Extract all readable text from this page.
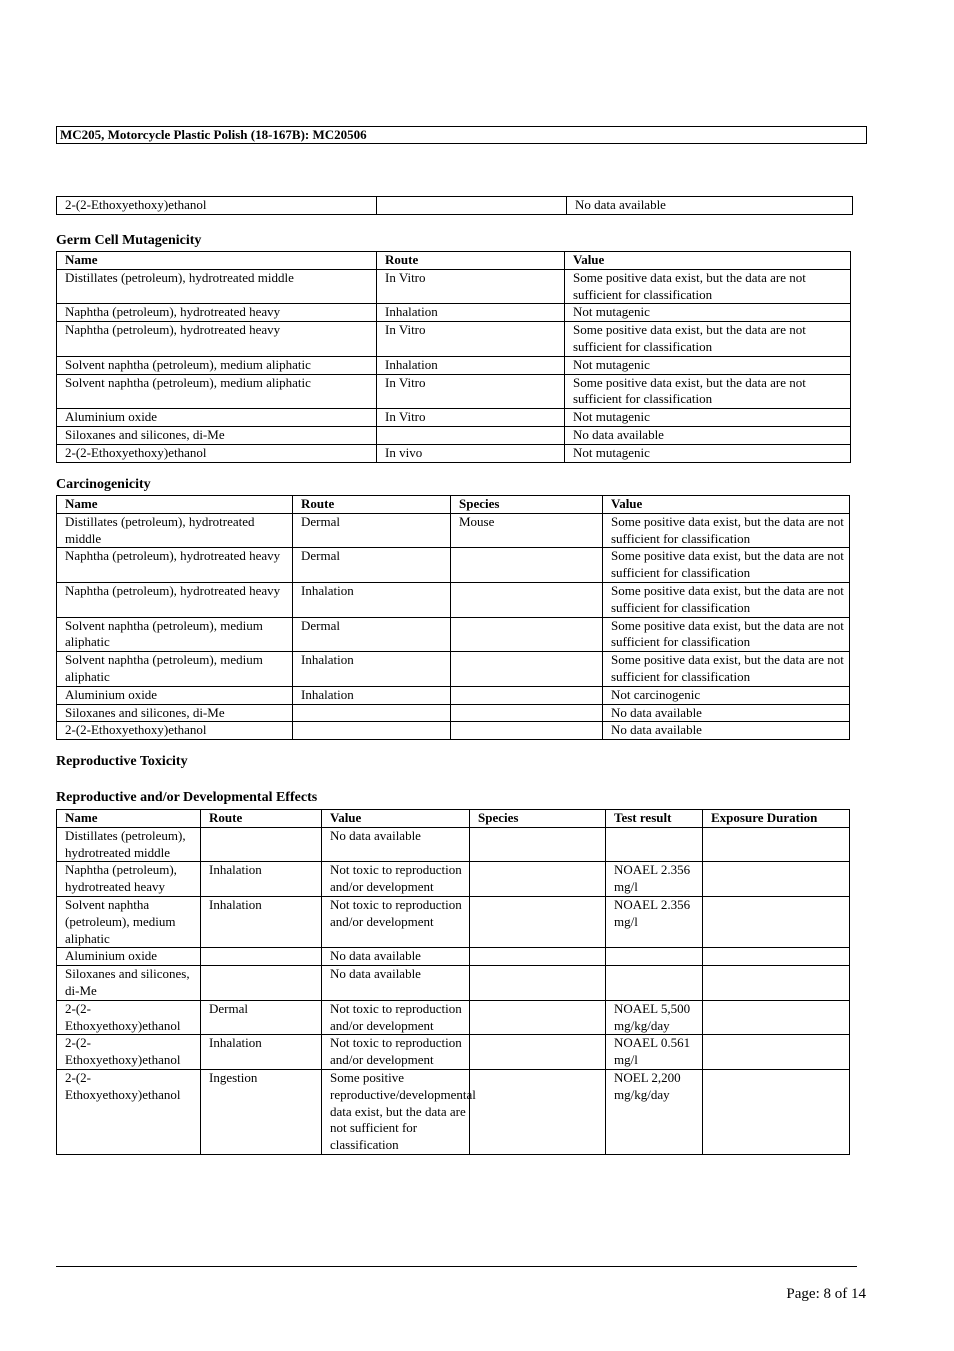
MC205, Motorcycle Plastic Polish (18-167B): MC20506
2-(2-Ethoxyethoxy)ethanol		No data available
Germ Cell Mutagenicity
Name	Route	Value
Distillates (petroleum), hydrotreated middle	In Vitro	Some positive data exist, but the data are not sufficient for classification
Naphtha (petroleum), hydrotreated heavy	Inhalation	Not mutagenic
Naphtha (petroleum), hydrotreated heavy	In Vitro	Some positive data exist, but the data are not sufficient for classification
Solvent naphtha (petroleum), medium aliphatic	Inhalation	Not mutagenic
Solvent naphtha (petroleum), medium aliphatic	In Vitro	Some positive data exist, but the data are not sufficient for classification
Aluminium oxide	In Vitro	Not mutagenic
Siloxanes and silicones, di-Me		No data available
2-(2-Ethoxyethoxy)ethanol	In vivo	Not mutagenic
Carcinogenicity
Name	Route	Species	Value
Distillates (petroleum), hydrotreated middle	Dermal	Mouse	Some positive data exist, but the data are not sufficient for classification
Naphtha (petroleum), hydrotreated heavy	Dermal		Some positive data exist, but the data are not sufficient for classification
Naphtha (petroleum), hydrotreated heavy	Inhalation		Some positive data exist, but the data are not sufficient for classification
Solvent naphtha (petroleum), medium aliphatic	Dermal		Some positive data exist, but the data are not sufficient for classification
Solvent naphtha (petroleum), medium aliphatic	Inhalation		Some positive data exist, but the data are not sufficient for classification
Aluminium oxide	Inhalation		Not carcinogenic
Siloxanes and silicones, di-Me			No data available
2-(2-Ethoxyethoxy)ethanol			No data available
Reproductive Toxicity
Reproductive and/or Developmental Effects
Name	Route	Value	Species	Test result	Exposure Duration
Distillates (petroleum), hydrotreated middle		No data available			
Naphtha (petroleum), hydrotreated heavy	Inhalation	Not toxic to reproduction and/or development		NOAEL 2.356 mg/l	
Solvent naphtha (petroleum), medium aliphatic	Inhalation	Not toxic to reproduction and/or development		NOAEL 2.356 mg/l	
Aluminium oxide		No data available			
Siloxanes and silicones, di-Me		No data available			
2-(2-Ethoxyethoxy)ethanol	Dermal	Not toxic to reproduction and/or development		NOAEL 5,500 mg/kg/day	
2-(2-Ethoxyethoxy)ethanol	Inhalation	Not toxic to reproduction and/or development		NOAEL 0.561 mg/l	
2-(2-Ethoxyethoxy)ethanol	Ingestion	Some positive reproductive/developmental data exist, but the data are not sufficient for classification		NOEL 2,200 mg/kg/day	
Page: 8 of 14
